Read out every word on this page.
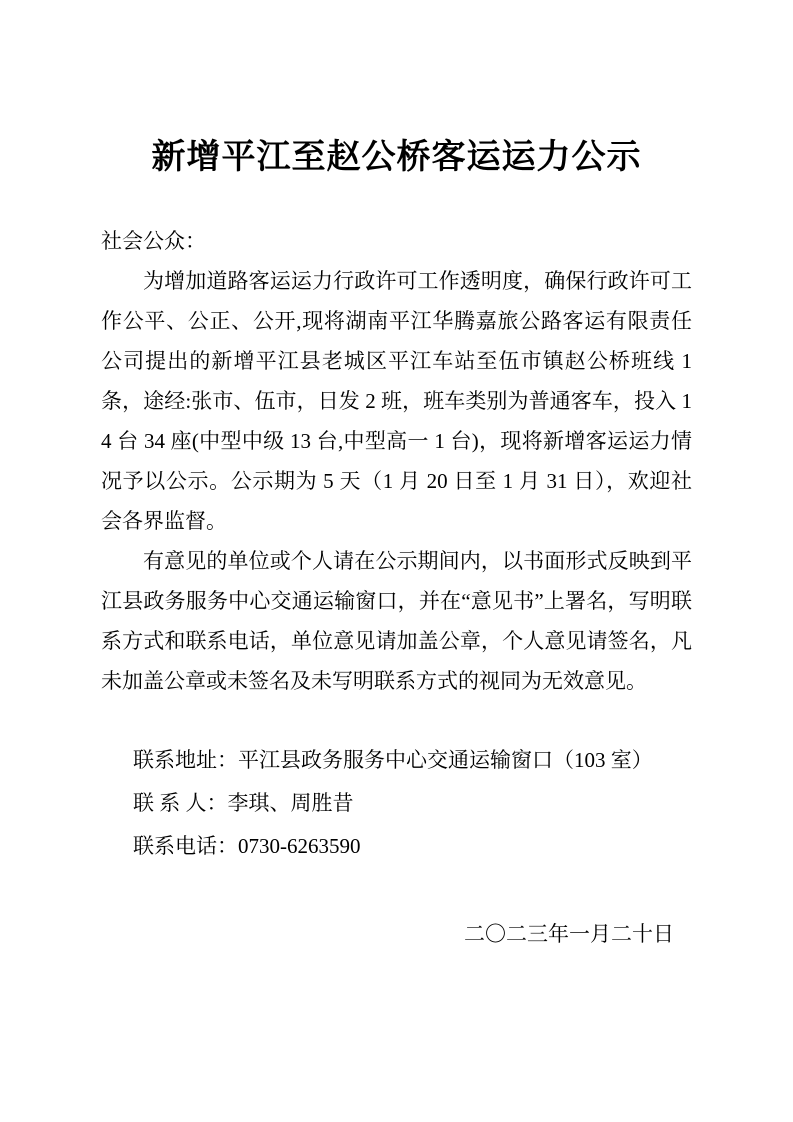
新增平江至赵公桥客运运力公示

社会公众：

为增加道路客运运力行政许可工作透明度，确保行政许可工作公平、公正、公开,现将湖南平江华腾嘉旅公路客运有限责任公司提出的新增平江县老城区平江车站至伍市镇赵公桥班线 1 条，途经:张市、伍市，日发 2 班，班车类别为普通客车，投入 14 台 34 座(中型中级 13 台,中型高一 1 台)，现将新增客运运力情况予以公示。公示期为 5 天（1 月 20 日至 1 月 31 日），欢迎社会各界监督。

有意见的单位或个人请在公示期间内，以书面形式反映到平江县政务服务中心交通运输窗口，并在“意见书”上署名，写明联系方式和联系电话，单位意见请加盖公章，个人意见请签名，凡未加盖公章或未签名及未写明联系方式的视同为无效意见。

联系地址：平江县政务服务中心交通运输窗口（103 室）

联 系 人：李琪、周胜昔

联系电话：0730-6263590

二〇二三年一月二十日
